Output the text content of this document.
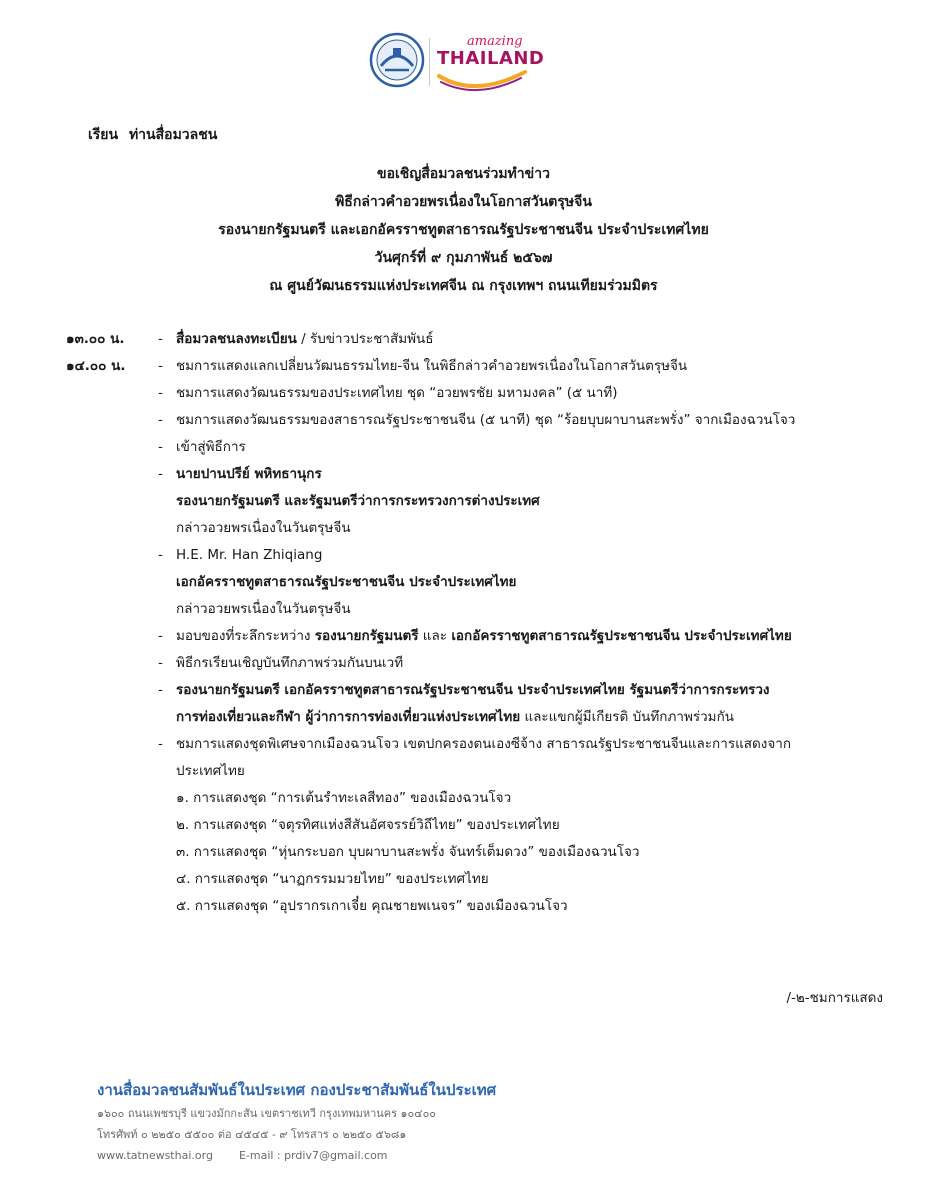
amazing
THAILAND
เรียน ท่านสื่อมวลชน
ขอเชิญสื่อมวลชนร่วมทำข่าว
พิธีกล่าวคำอวยพรเนื่องในโอกาสวันตรุษจีน
รองนายกรัฐมนตรี และเอกอัครราชทูตสาธารณรัฐประชาชนจีน ประจำประเทศไทย
วันศุกร์ที่ ๙ กุมภาพันธ์ ๒๕๖๗
ณ ศูนย์วัฒนธรรมแห่งประเทศจีน ณ กรุงเทพฯ ถนนเทียมร่วมมิตร
๑๓.๐๐ น. - สื่อมวลชนลงทะเบียน / รับข่าวประชาสัมพันธ์
๑๔.๐๐ น. - ชมการแสดงแลกเปลี่ยนวัฒนธรรมไทย-จีน ในพิธีกล่าวคำอวยพรเนื่องในโอกาสวันตรุษจีน
- ชมการแสดงวัฒนธรรมของประเทศไทย ชุด “อวยพรชัย มหามงคล” (๕ นาที)
- ชมการแสดงวัฒนธรรมของสาธารณรัฐประชาชนจีน (๕ นาที) ชุด “ร้อยบุบผาบานสะพรั่ง” จากเมืองฉวนโจว
- เข้าสู่พิธีการ
- นายปานปรีย์ พหิทธานุกร
รองนายกรัฐมนตรี และรัฐมนตรีว่าการกระทรวงการต่างประเทศ
กล่าวอวยพรเนื่องในวันตรุษจีน
- H.E. Mr. Han Zhiqiang
เอกอัครราชทูตสาธารณรัฐประชาชนจีน ประจำประเทศไทย
กล่าวอวยพรเนื่องในวันตรุษจีน
- มอบของที่ระลึกระหว่าง รองนายกรัฐมนตรี และ เอกอัครราชทูตสาธารณรัฐประชาชนจีน ประจำประเทศไทย
- พิธีกรเรียนเชิญบันทึกภาพร่วมกันบนเวที
- รองนายกรัฐมนตรี เอกอัครราชทูตสาธารณรัฐประชาชนจีน ประจำประเทศไทย รัฐมนตรีว่าการกระทรวง
การท่องเที่ยวและกีฬา ผู้ว่าการการท่องเที่ยวแห่งประเทศไทย และแขกผู้มีเกียรติ บันทึกภาพร่วมกัน
- ชมการแสดงชุดพิเศษจากเมืองฉวนโจว เขตปกครองตนเองซีจ้าง สาธารณรัฐประชาชนจีนและการแสดงจาก
ประเทศไทย
๑. การแสดงชุด “การเต้นรำทะเลสีทอง” ของเมืองฉวนโจว
๒. การแสดงชุด “จตุรทิศแห่งสีสันอัศจรรย์วิถีไทย” ของประเทศไทย
๓. การแสดงชุด “หุ่นกระบอก บุบผาบานสะพรั่ง จันทร์เต็มดวง” ของเมืองฉวนโจว
๔. การแสดงชุด “นาฏกรรมมวยไทย” ของประเทศไทย
๕. การแสดงชุด “อุปรากรเกาเจี๋ย คุณชายพเนจร” ของเมืองฉวนโจว
/-๒-ชมการแสดง
งานสื่อมวลชนสัมพันธ์ในประเทศ กองประชาสัมพันธ์ในประเทศ
๑๖๐๐ ถนนเพชรบุรี แขวงมักกะสัน เขตราชเทวี กรุงเทพมหานคร ๑๐๔๐๐
โทรศัพท์ ๐ ๒๒๕๐ ๕๕๐๐ ต่อ ๔๕๔๕ - ๙ โทรสาร ๐ ๒๒๕๐ ๕๖๘๑
www.tatnewsthai.org E-mail : prdiv7@gmail.com
